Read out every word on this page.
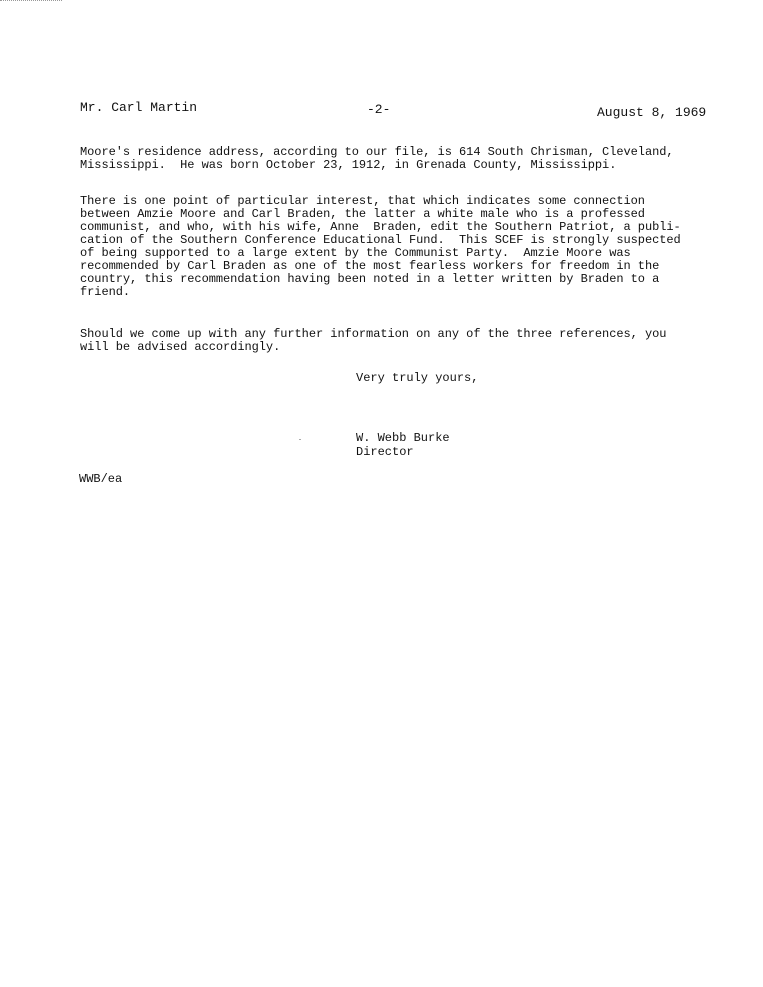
Mr. Carl Martin	-2-	August 8, 1969
Moore's residence address, according to our file, is 614 South Chrisman, Cleveland,
Mississippi.  He was born October 23, 1912, in Grenada County, Mississippi.
There is one point of particular interest, that which indicates some connection
between Amzie Moore and Carl Braden, the latter a white male who is a professed
communist, and who, with his wife, Anne  Braden, edit the Southern Patriot, a publi-
cation of the Southern Conference Educational Fund.  This SCEF is strongly suspected
of being supported to a large extent by the Communist Party.  Amzie Moore was
recommended by Carl Braden as one of the most fearless workers for freedom in the
country, this recommendation having been noted in a letter written by Braden to a
friend.
Should we come up with any further information on any of the three references, you
will be advised accordingly.
Very truly yours,
W. Webb Burke
Director
WWB/ea
